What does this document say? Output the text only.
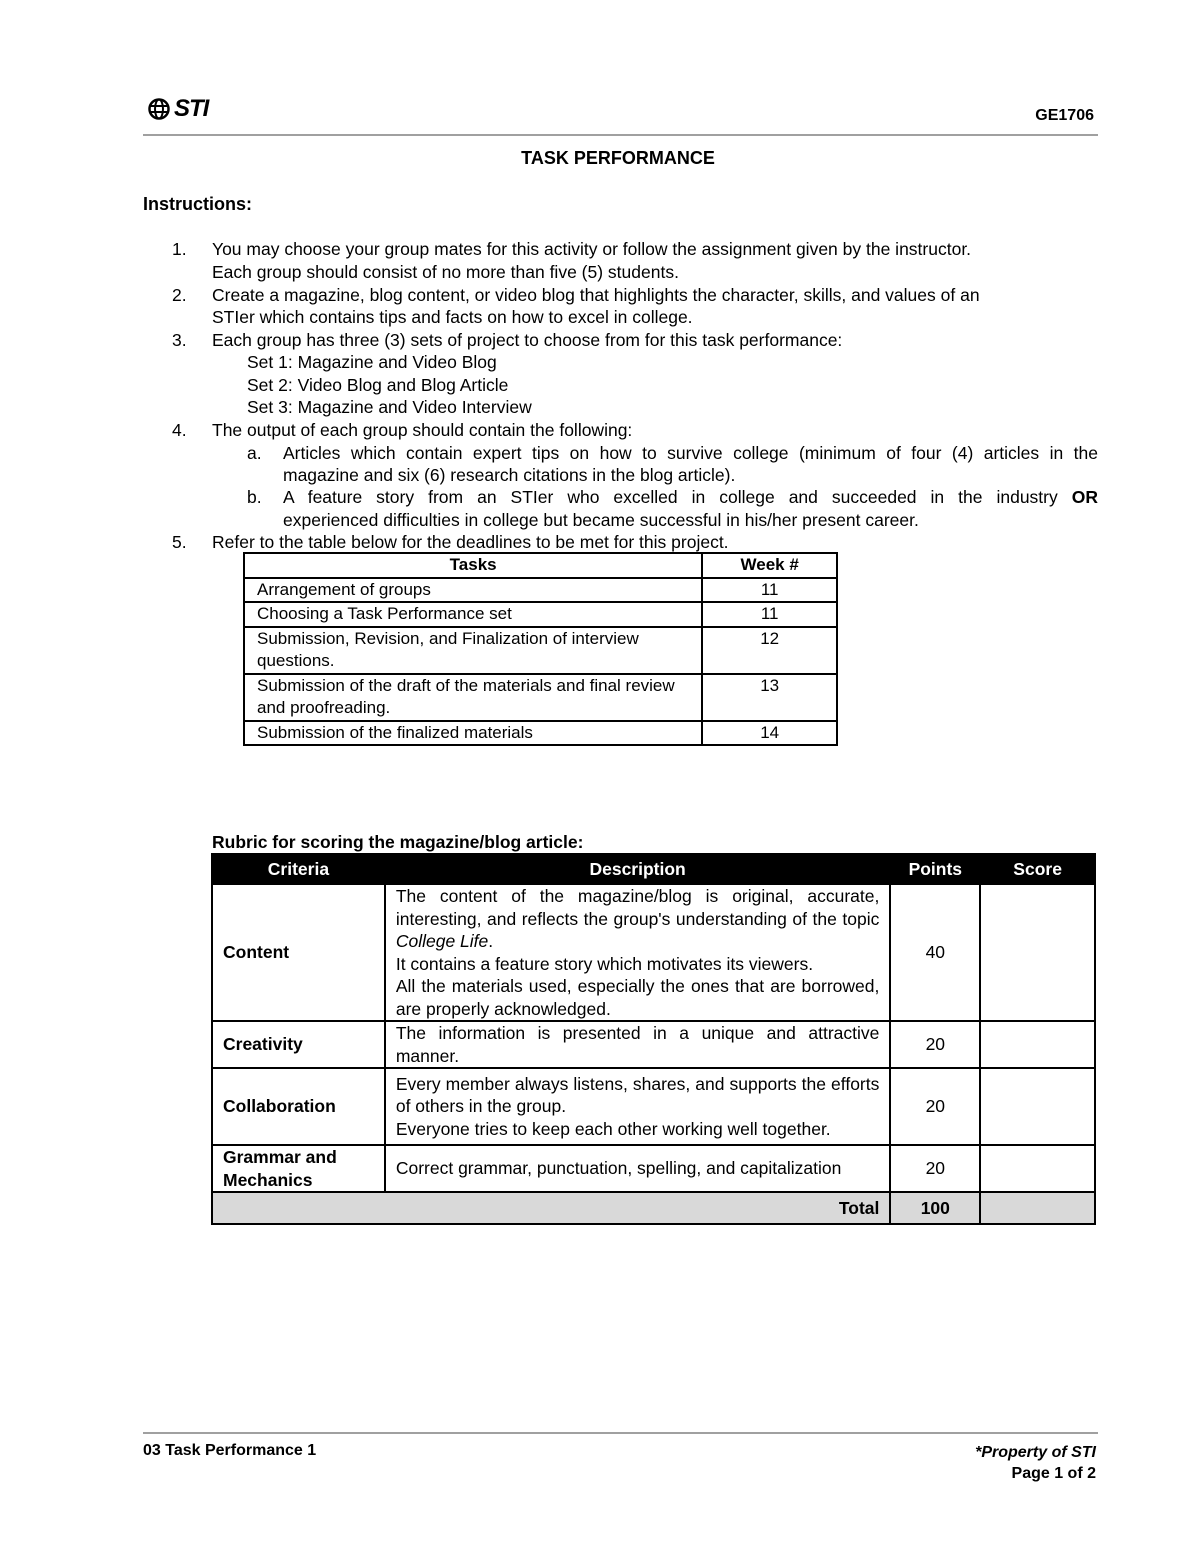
STI	GE1706
TASK PERFORMANCE
Instructions:
1. You may choose your group mates for this activity or follow the assignment given by the instructor.
Each group should consist of no more than five (5) students.
2. Create a magazine, blog content, or video blog that highlights the character, skills, and values of an
STIer which contains tips and facts on how to excel in college.
3. Each group has three (3) sets of project to choose from for this task performance:
Set 1: Magazine and Video Blog
Set 2: Video Blog and Blog Article
Set 3: Magazine and Video Interview
4. The output of each group should contain the following:
a. Articles which contain expert tips on how to survive college (minimum of four (4) articles in the
magazine and six (6) research citations in the blog article).
b. A feature story from an STIer who excelled in college and succeeded in the industry OR
experienced difficulties in college but became successful in his/her present career.
5. Refer to the table below for the deadlines to be met for this project.
Tasks	Week #
Arrangement of groups	11
Choosing a Task Performance set	11
Submission, Revision, and Finalization of interview questions.	12
Submission of the draft of the materials and final review and proofreading.	13
Submission of the finalized materials	14
Rubric for scoring the magazine/blog article:
Criteria	Description	Points	Score
Content	The content of the magazine/blog is original, accurate, interesting, and reflects the group's understanding of the topic College Life.
It contains a feature story which motivates its viewers.
All the materials used, especially the ones that are borrowed, are properly acknowledged.	40	
Creativity	The information is presented in a unique and attractive manner.	20	
Collaboration	Every member always listens, shares, and supports the efforts of others in the group.
Everyone tries to keep each other working well together.	20	
Grammar and Mechanics	Correct grammar, punctuation, spelling, and capitalization	20	
Total		100	
03 Task Performance 1	*Property of STI
Page 1 of 2
